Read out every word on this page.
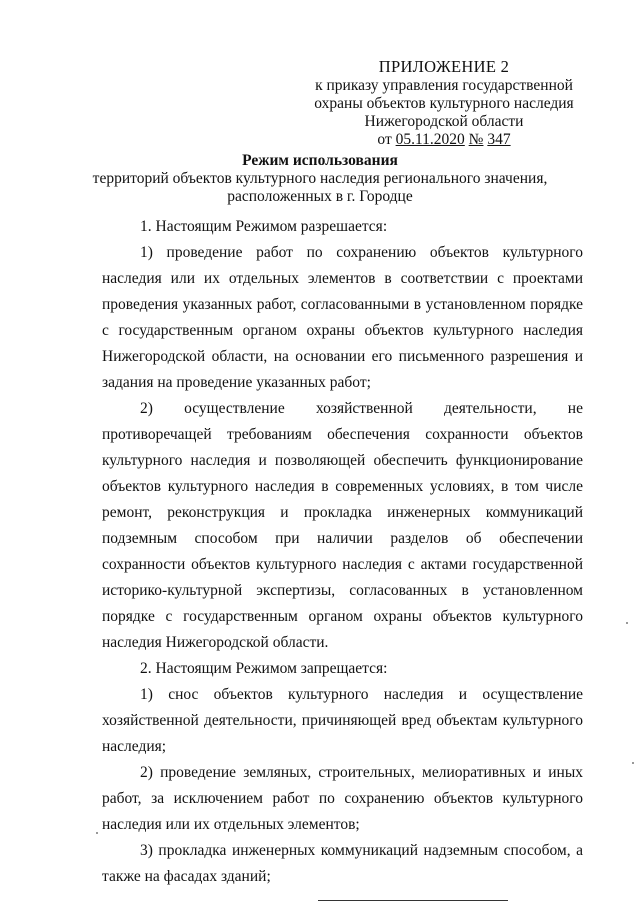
ПРИЛОЖЕНИЕ 2
к приказу управления государственной
охраны объектов культурного наследия
Нижегородской области
от 05.11.2020 № 347
Режим использования
территорий объектов культурного наследия регионального значения,
расположенных в г. Городце

1. Настоящим Режимом разрешается:

1) проведение работ по сохранению объектов культурного наследия или их отдельных элементов в соответствии с проектами проведения указанных работ, согласованными в установленном порядке с государственным органом охраны объектов культурного наследия Нижегородской области, на основании его письменного разрешения и задания на проведение указанных работ;

2) осуществление хозяйственной деятельности, не противоречащей требованиям обеспечения сохранности объектов культурного наследия и позволяющей обеспечить функционирование объектов культурного наследия в современных условиях, в том числе ремонт, реконструкция и прокладка инженерных коммуникаций подземным способом при наличии разделов об обеспечении сохранности объектов культурного наследия с актами государственной историко-культурной экспертизы, согласованных в установленном порядке с государственным органом охраны объектов культурного наследия Нижегородской области.

2. Настоящим Режимом запрещается:

1) снос объектов культурного наследия и осуществление хозяйственной деятельности, причиняющей вред объектам культурного наследия;

2) проведение земляных, строительных, мелиоративных и иных работ, за исключением работ по сохранению объектов культурного наследия или их отдельных элементов;

3) прокладка инженерных коммуникаций надземным способом, а также на фасадах зданий;
